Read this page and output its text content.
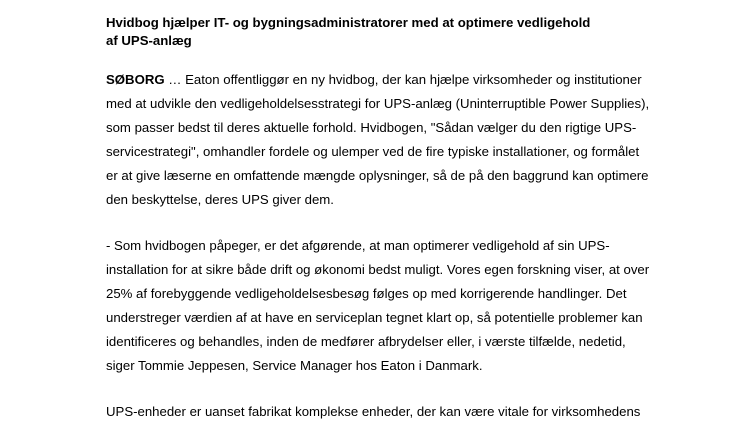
Hvidbog hjælper IT- og bygningsadministratorer med at optimere vedligehold
af UPS-anlæg

SØBORG … Eaton offentliggør en ny hvidbog, der kan hjælpe virksomheder og institutioner
med at udvikle den vedligeholdelsesstrategi for UPS-anlæg (Uninterruptible Power Supplies),
som passer bedst til deres aktuelle forhold. Hvidbogen, "Sådan vælger du den rigtige UPS-
servicestrategi", omhandler fordele og ulemper ved de fire typiske installationer, og formålet
er at give læserne en omfattende mængde oplysninger, så de på den baggrund kan optimere
den beskyttelse, deres UPS giver dem.

- Som hvidbogen påpeger, er det afgørende, at man optimerer vedligehold af sin UPS-
installation for at sikre både drift og økonomi bedst muligt. Vores egen forskning viser, at over
25% af forebyggende vedligeholdelsesbesøg følges op med korrigerende handlinger. Det
understreger værdien af at have en serviceplan tegnet klart op, så potentielle problemer kan
identificeres og behandles, inden de medfører afbrydelser eller, i værste tilfælde, nedetid,
siger Tommie Jeppesen, Service Manager hos Eaton i Danmark.

UPS-enheder er uanset fabrikat komplekse enheder, der kan være vitale for virksomhedens
